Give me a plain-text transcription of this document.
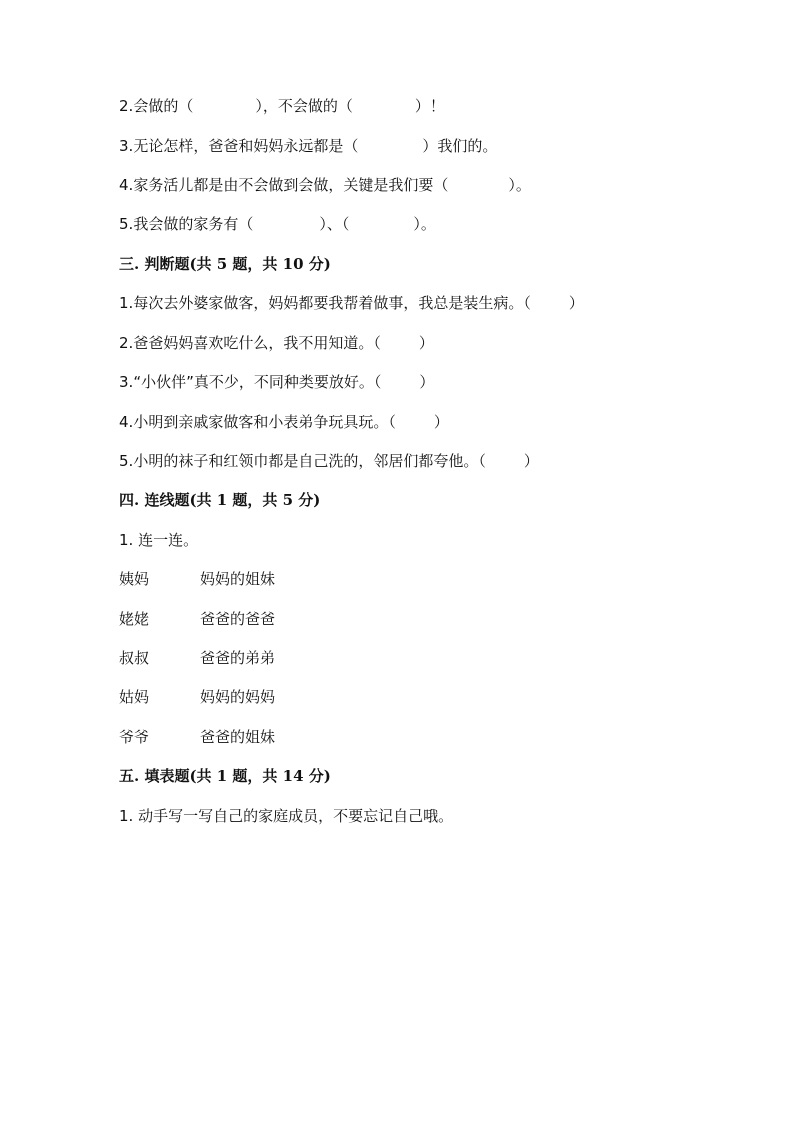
2.会做的（	），不会做的（	）！
3.无论怎样，爸爸和妈妈永远都是（	）我们的。
4.家务活儿都是由不会做到会做，关键是我们要（	）。
5.我会做的家务有（	）、（	）。
三. 判断题(共 5 题，共 10 分)
1.每次去外婆家做客，妈妈都要我帮着做事，我总是装生病。（	）
2.爸爸妈妈喜欢吃什么，我不用知道。（	）
3.“小伙伴”真不少，不同种类要放好。（	）
4.小明到亲戚家做客和小表弟争玩具玩。（	）
5.小明的袜子和红领巾都是自己洗的，邻居们都夸他。（	）
四. 连线题(共 1 题，共 5 分)
1. 连一连。
姨妈	妈妈的姐妹
姥姥	爸爸的爸爸
叔叔	爸爸的弟弟
姑妈	妈妈的妈妈
爷爷	爸爸的姐妹
五. 填表题(共 1 题，共 14 分)
1. 动手写一写自己的家庭成员，不要忘记自己哦。
